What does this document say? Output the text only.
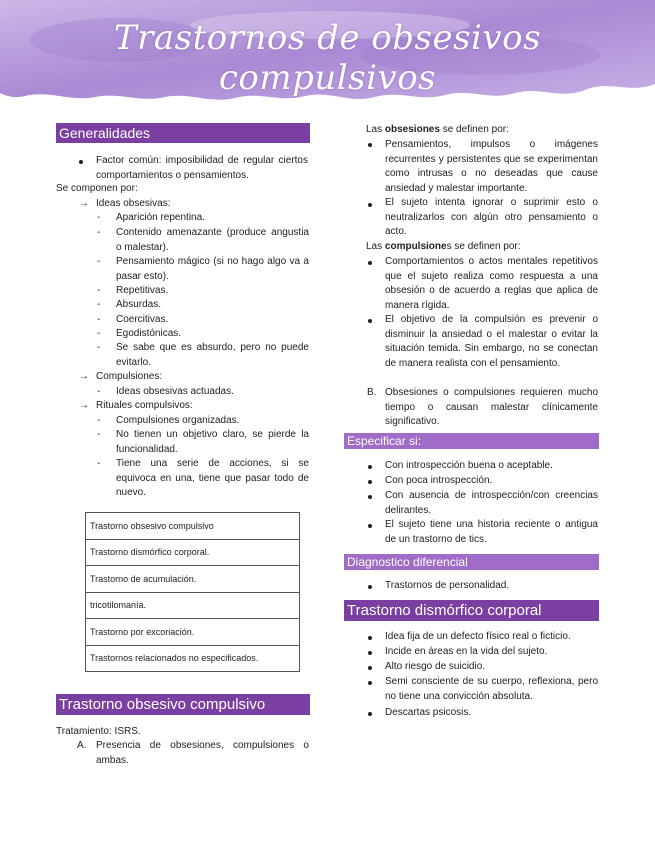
Trastornos de obsesivos compulsivos
Generalidades
Factor común: imposibilidad de regular ciertos comportamientos o pensamientos.
Se componen por:
→ Ideas obsesivas:
- Aparición repentina.
- Contenido amenazante (produce angustia o malestar).
- Pensamiento mágico (si no hago algo va a pasar esto).
- Repetitivas.
- Absurdas.
- Coercitivas.
- Egodistónicas.
- Se sabe que es absurdo, pero no puede evitarlo.
→ Compulsiones:
- Ideas obsesivas actuadas.
→ Rituales compulsivos:
- Compulsiones organizadas.
- No tienen un objetivo claro, se pierde la funcionalidad.
- Tiene una serie de acciones, si se equivoca en una, tiene que pasar todo de nuevo.
Trastorno obsesivo compulsivo
Trastorno dismórfico corporal.
Trastorno de acumulación.
tricotilomanía.
Trastorno por excoriación.
Trastornos relacionados no especificados.
Trastorno obsesivo compulsivo
Tratamiento: ISRS.
A. Presencia de obsesiones, compulsiones o ambas.
Las obsesiones se definen por:
Pensamientos, impulsos o imágenes recurrentes y persistentes que se experimentan como intrusas o no deseadas que cause ansiedad y malestar importante.
El sujeto intenta ignorar o suprimir esto o neutralizarlos con algún otro pensamiento o acto.
Las compulsiones se definen por:
Comportamientos o actos mentales repetitivos que el sujeto realiza como respuesta a una obsesión o de acuerdo a reglas que aplica de manera rígida.
El objetivo de la compulsión es prevenir o disminuir la ansiedad o el malestar o evitar la situación temida. Sin embargo, no se conectan de manera realista con el pensamiento.
B. Obsesiones o compulsiones requieren mucho tiempo o causan malestar clínicamente significativo.
Especificar si:
Con introspección buena o aceptable.
Con poca introspección.
Con ausencia de introspección/con creencias delirantes.
El sujeto tiene una historia reciente o antigua de un trastorno de tics.
Diagnostico diferencial
Trastornos de personalidad.
Trastorno dismórfico corporal
Idea fija de un defecto físico real o ficticio.
Incide en áreas en la vida del sujeto.
Alto riesgo de suicidio.
Semi consciente de su cuerpo, reflexiona, pero no tiene una convicción absoluta.
Descartas psicosis.
